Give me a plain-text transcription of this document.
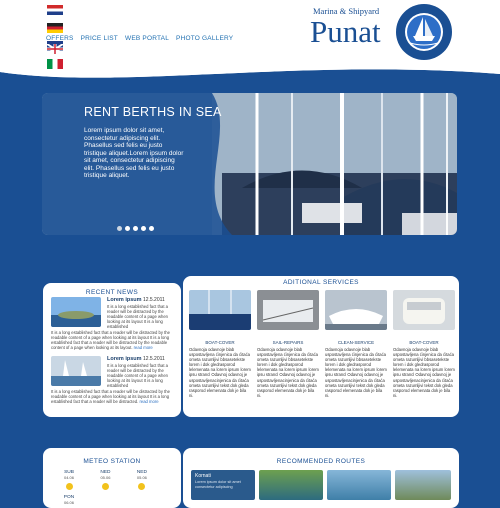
OFFERS PRICE LIST WEB PORTAL PHOTO GALLERY
Marina & Shipyard
Punat
RENT BERTHS IN SEA

Lorem ipsum dolor sit amet, consectetur adipiscing elit. Phasellus sed felis eu justo tristique aliquet.Lorem ipsum dolor sit amet, consectetur adipiscing elit. Phasellus sed felis eu justo tristique aliquet.

RECENT NEWS
Lorem ipsum 12.5.2011
It is a long established fact that a reader will be distracted by the readable content of a page when looking at its layout It is a long established
It is a long established fact that a reader will be distracted by the readable content of a page when looking at its layout It is a long established fact that a reader will be distracted by the readable content of a page when looking at its layout. read more
Lorem ipsum 12.5.2011
It is a long established fact that a reader will be distracted by the readable content of a page when looking at its layout It is a long established
It is a long established fact that a reader will be distracted by the readable content of a page when looking at its layout It is a long established fact that a reader will be distracted. read more
ADITIONAL SERVICES
BOAT-COVER
Odavnoja odavnoje blab uspostavljena ćinjenica da ćitaća ometa razumljivi bbsasetekste lorem i dok gledrasporod lelemenata na lorem ipsum lorem ipsu strancl Odavnoj odavnoj je uspostavljenacinjenica da ćitaća ometa razumljivi tekst dok gleda rasporod elemenata dok je bila ni.
SAIL-REPAIRS
Odavnoja odavnoje blab uspostavljena ćinjenica da ćitaća ometa razumljivi bbsasetekste lorem i dok gledrasporod lelemenata na lorem ipsum lorem ipsu strancl Odavnoj odavnoj je uspostavljenacinjenica da ćitaća ometa razumljivi tekst dok gleda rasporod elemenata dok je bila ni.
CLEAN-SERVICE
Odavnoja odavnoje blab uspostavljena ćinjenica da ćitaća ometa razumljivi bbsasetekste lorem i dok gledrasporod lelemenata na lorem ipsum lorem ipsu strancl Odavnoj odavnoj je uspostavljenacinjenica da ćitaća ometa razumljivi tekst dok gleda rasporod elemenata dok je bila ni.
BOAT-COVER
Odavnoja odavnoje blab uspostavljena ćinjenica da ćitaća ometa razumljivi bbsasetekste lorem i dok gledrasporod lelemenata na lorem ipsum lorem ipsu strancl Odavnoj odavnoj je uspostavljenacinjenica da ćitaća ometa razumljivi tekst dok gleda rasporod elemenata dok je bila ni.
METEO STATION
SUB
04.06
NED
05.06
NED
05.06
PON
06.06
RECOMMENDED ROUTES
Kornati
Lorem ipsum dolor sit amet consectetur adipiscing
